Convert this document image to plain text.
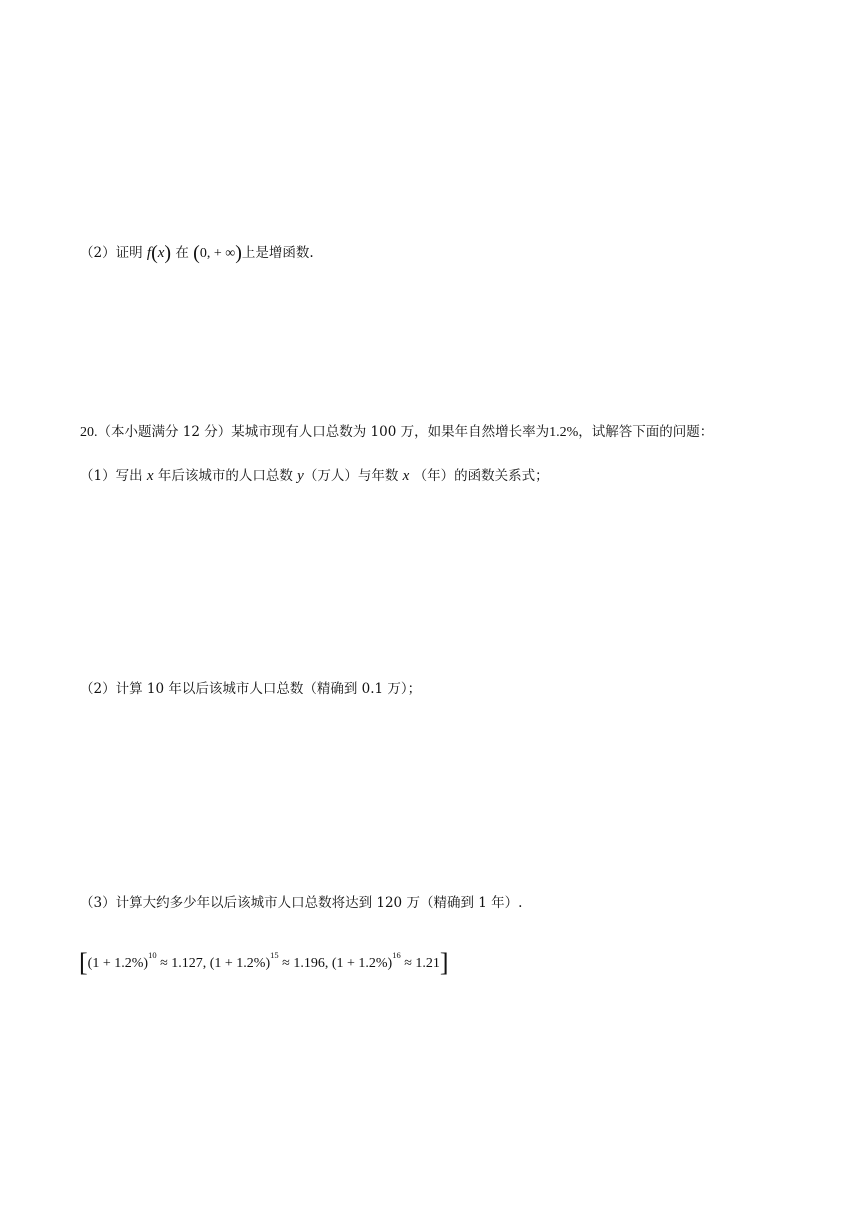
（2）证明 f(x) 在 (0, + ∞)上是增函数.
20.（本小题满分 12 分）某城市现有人口总数为 100 万，如果年自然增长率为1.2%，试解答下面的问题：
（1）写出 x 年后该城市的人口总数 y（万人）与年数 x （年）的函数关系式；
（2）计算 10 年以后该城市人口总数（精确到 0.1 万）；
（3）计算大约多少年以后该城市人口总数将达到 120 万（精确到 1 年）.
[$(1 + 1.2\%)^{10} \approx 1.127$, $(1 + 1.2\%)^{15} \approx 1.196$, $(1 + 1.2\%)^{16} \approx 1.21$]
